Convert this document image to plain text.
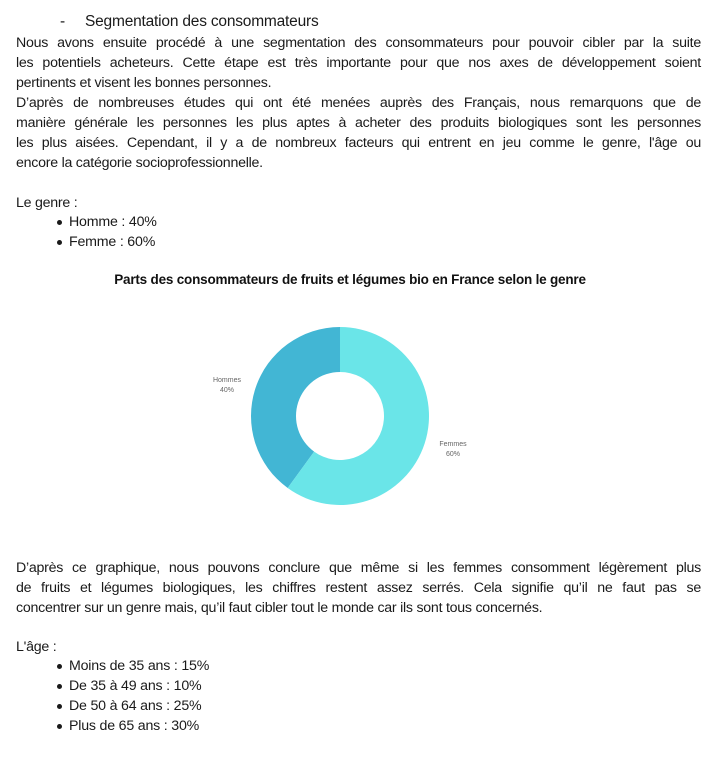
- Segmentation des consommateurs
Nous avons ensuite procédé à une segmentation des consommateurs pour pouvoir cibler par la suite
les potentiels acheteurs. Cette étape est très importante pour que nos axes de développement soient
pertinents et visent les bonnes personnes.
D’après de nombreuses études qui ont été menées auprès des Français, nous remarquons que de
manière générale les personnes les plus aptes à acheter des produits biologiques sont les personnes
les plus aisées. Cependant, il y a de nombreux facteurs qui entrent en jeu comme le genre, l'âge ou
encore la catégorie socioprofessionnelle.
Le genre :
Homme : 40%
Femme : 60%
Parts des consommateurs de fruits et légumes bio en France selon le genre
Hommes
40%
Femmes
60%
D’après ce graphique, nous pouvons conclure que même si les femmes consomment légèrement plus
de fruits et légumes biologiques, les chiffres restent assez serrés. Cela signifie qu’il ne faut pas se
concentrer sur un genre mais, qu’il faut cibler tout le monde car ils sont tous concernés.
L'âge :
Moins de 35 ans : 15%
De 35 à 49 ans : 10%
De 50 à 64 ans : 25%
Plus de 65 ans : 30%
